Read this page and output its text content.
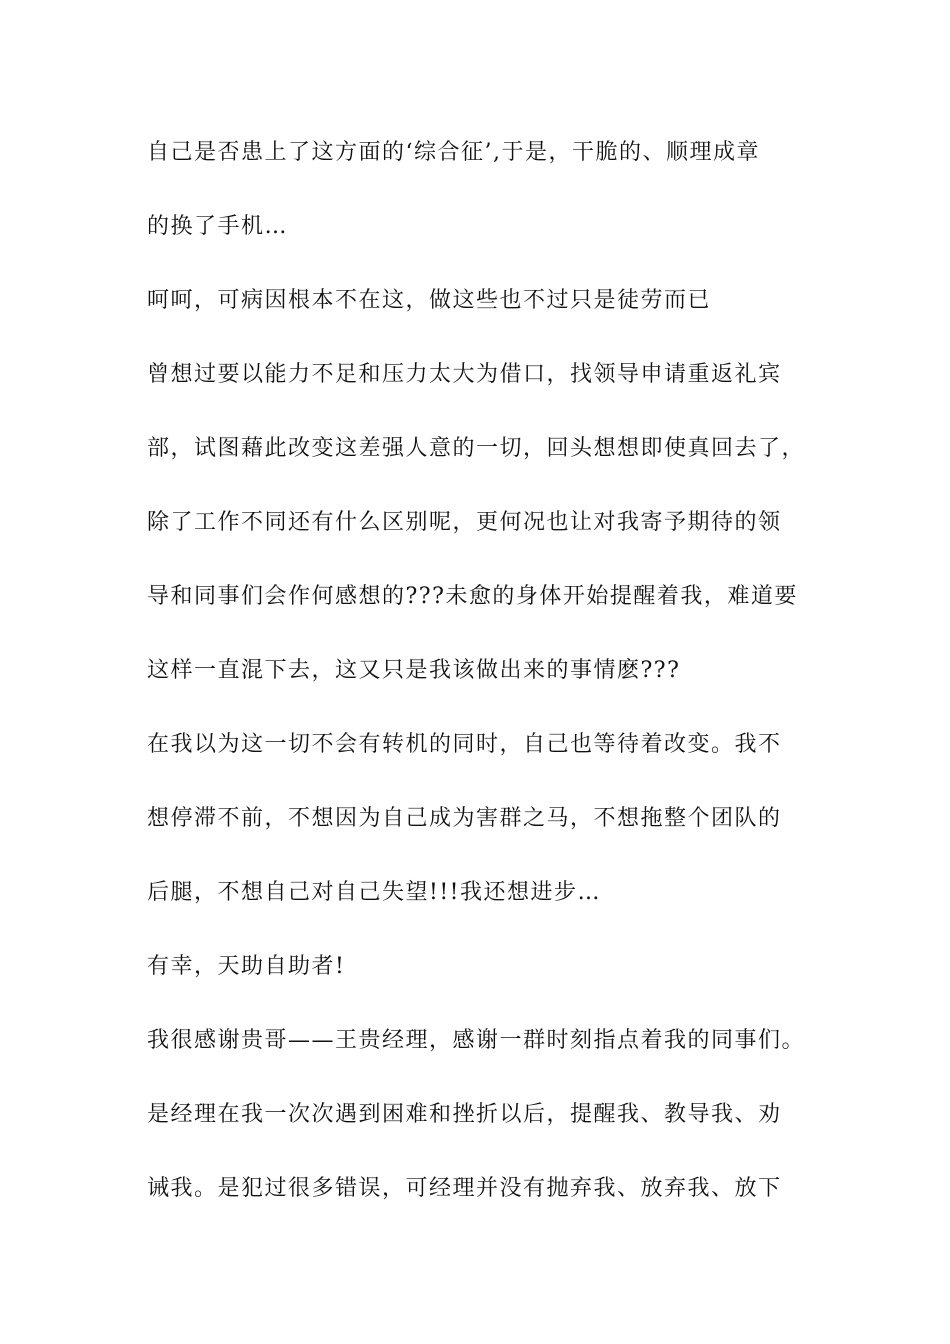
自己是否患上了这方面的‘综合征’,于是，干脆的、顺理成章
的换了手机…
呵呵，可病因根本不在这，做这些也不过只是徒劳而已
曾想过要以能力不足和压力太大为借口，找领导申请重返礼宾
部，试图藉此改变这差强人意的一切，回头想想即使真回去了，
除了工作不同还有什么区别呢，更何况也让对我寄予期待的领
导和同事们会作何感想的???未愈的身体开始提醒着我，难道要
这样一直混下去，这又只是我该做出来的事情麽???
在我以为这一切不会有转机的同时，自己也等待着改变。我不
想停滞不前，不想因为自己成为害群之马，不想拖整个团队的
后腿，不想自己对自己失望!!!我还想进步…
有幸，天助自助者!
我很感谢贵哥——王贵经理，感谢一群时刻指点着我的同事们。
是经理在我一次次遇到困难和挫折以后，提醒我、教导我、劝
诫我。是犯过很多错误，可经理并没有抛弃我、放弃我、放下
